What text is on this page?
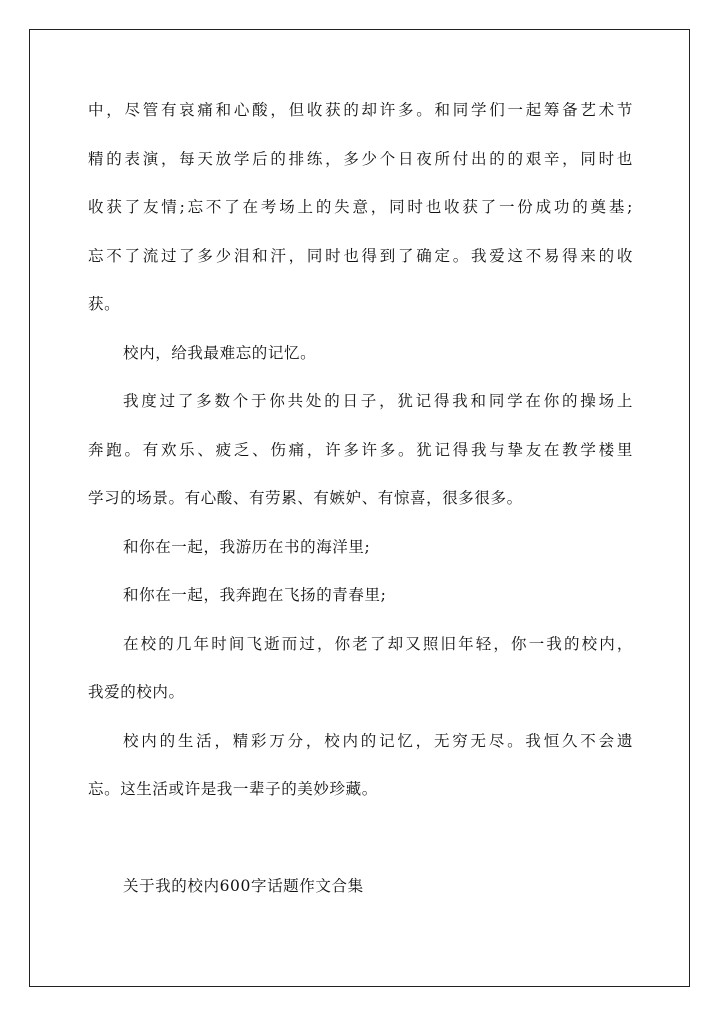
中，尽管有哀痛和心酸，但收获的却许多。和同学们一起筹备艺术节
精的表演，每天放学后的排练，多少个日夜所付出的的艰辛，同时也
收获了友情;忘不了在考场上的失意，同时也收获了一份成功的奠基;
忘不了流过了多少泪和汗，同时也得到了确定。我爱这不易得来的收
获。
校内，给我最难忘的记忆。
我度过了多数个于你共处的日子，犹记得我和同学在你的操场上
奔跑。有欢乐、疲乏、伤痛，许多许多。犹记得我与挚友在教学楼里
学习的场景。有心酸、有劳累、有嫉妒、有惊喜，很多很多。
和你在一起，我游历在书的海洋里;
和你在一起，我奔跑在飞扬的青春里;
在校的几年时间飞逝而过，你老了却又照旧年轻，你一我的校内，
我爱的校内。
校内的生活，精彩万分，校内的记忆，无穷无尽。我恒久不会遗
忘。这生活或许是我一辈子的美妙珍藏。
关于我的校内600字话题作文合集
